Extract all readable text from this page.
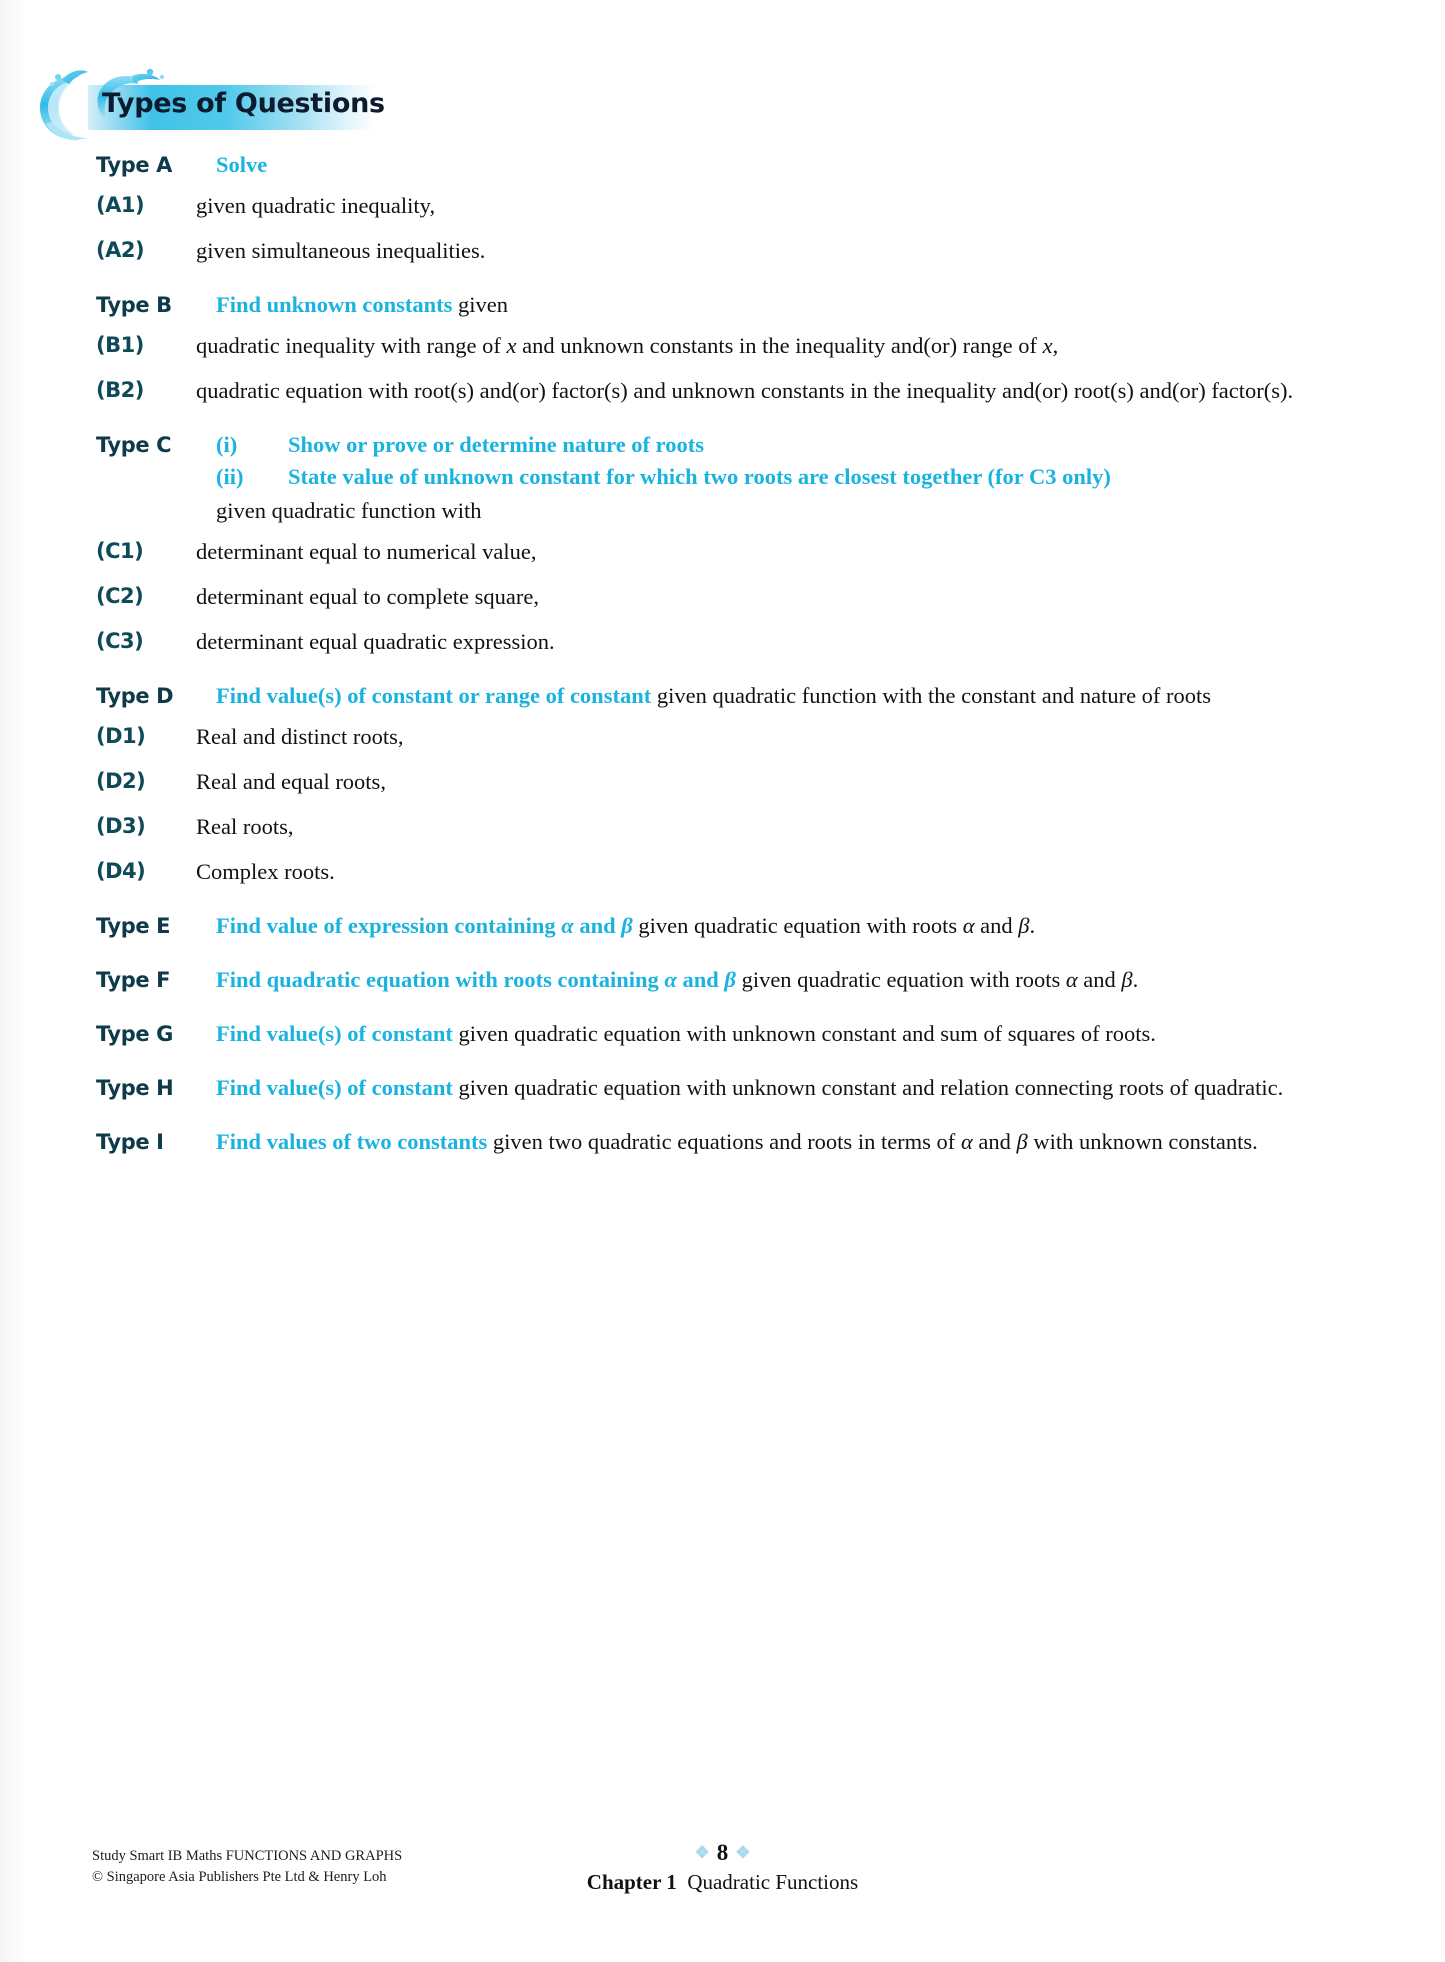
Types of Questions
Type A	Solve
(A1) given quadratic inequality,
(A2) given simultaneous inequalities.
Type B	Find unknown constants given
(B1) quadratic inequality with range of x and unknown constants in the inequality and(or) range of x,
(B2) quadratic equation with root(s) and(or) factor(s) and unknown constants in the inequality and(or) root(s) and(or) factor(s).
Type C	(i) Show or prove or determine nature of roots
(ii) State value of unknown constant for which two roots are closest together (for C3 only)
given quadratic function with
(C1) determinant equal to numerical value,
(C2) determinant equal to complete square,
(C3) determinant equal quadratic expression.
Type D	Find value(s) of constant or range of constant given quadratic function with the constant and nature of roots
(D1) Real and distinct roots,
(D2) Real and equal roots,
(D3) Real roots,
(D4) Complex roots.
Type E	Find value of expression containing α and β given quadratic equation with roots α and β.
Type F	Find quadratic equation with roots containing α and β given quadratic equation with roots α and β.
Type G	Find value(s) of constant given quadratic equation with unknown constant and sum of squares of roots.
Type H	Find value(s) of constant given quadratic equation with unknown constant and relation connecting roots of quadratic.
Type I	Find values of two constants given two quadratic equations and roots in terms of α and β with unknown constants.
Study Smart IB Maths FUNCTIONS AND GRAPHS
© Singapore Asia Publishers Pte Ltd & Henry Loh
❖ 8 ❖
Chapter 1 Quadratic Functions
